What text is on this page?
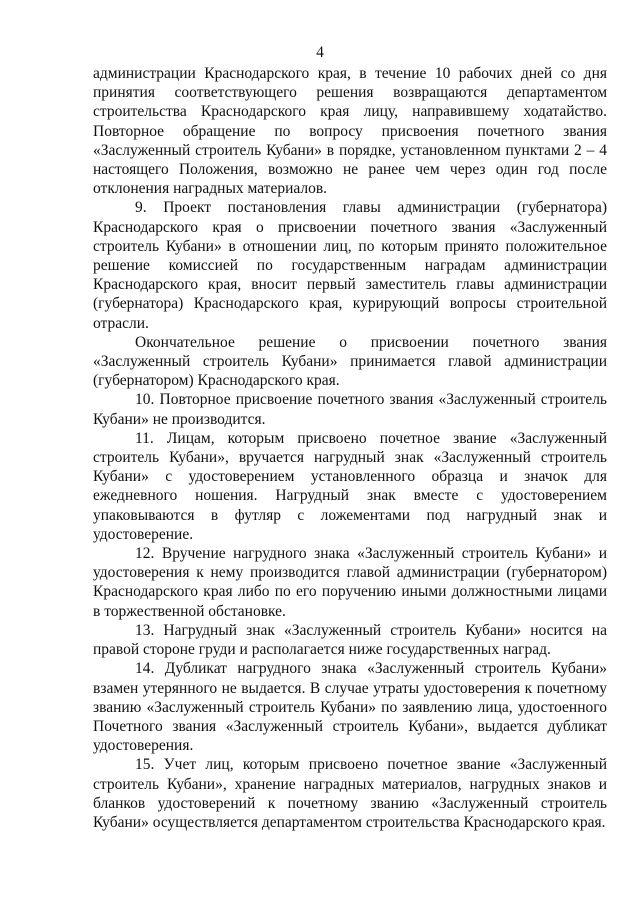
4

администрации Краснодарского края, в течение 10 рабочих дней со дня принятия соответствующего решения возвращаются департаментом строительства Краснодарского края лицу, направившему ходатайство. Повторное обращение по вопросу присвоения почетного звания «Заслуженный строитель Кубани» в порядке, установленном пунктами 2 – 4 настоящего Положения, возможно не ранее чем через один год после отклонения наградных материалов.

9. Проект постановления главы администрации (губернатора) Краснодарского края о присвоении почетного звания «Заслуженный строитель Кубани» в отношении лиц, по которым принято положительное решение комиссией по государственным наградам администрации Краснодарского края, вносит первый заместитель главы администрации (губернатора) Краснодарского края, курирующий вопросы строительной отрасли.

Окончательное решение о присвоении почетного звания «Заслуженный строитель Кубани» принимается главой администрации (губернатором) Краснодарского края.

10. Повторное присвоение почетного звания «Заслуженный строитель Кубани» не производится.

11. Лицам, которым присвоено почетное звание «Заслуженный строитель Кубани», вручается нагрудный знак «Заслуженный строитель Кубани» с удостоверением установленного образца и значок для ежедневного ношения. Нагрудный знак вместе с удостоверением упаковываются в футляр с ложементами под нагрудный знак и удостоверение.

12. Вручение нагрудного знака «Заслуженный строитель Кубани» и удостоверения к нему производится главой администрации (губернатором) Краснодарского края либо по его поручению иными должностными лицами в торжественной обстановке.

13. Нагрудный знак «Заслуженный строитель Кубани» носится на правой стороне груди и располагается ниже государственных наград.

14. Дубликат нагрудного знака «Заслуженный строитель Кубани» взамен утерянного не выдается. В случае утраты удостоверения к почетному званию «Заслуженный строитель Кубани» по заявлению лица, удостоенного Почетного звания «Заслуженный строитель Кубани», выдается дубликат удостоверения.

15. Учет лиц, которым присвоено почетное звание «Заслуженный строитель Кубани», хранение наградных материалов, нагрудных знаков и бланков удостоверений к почетному званию «Заслуженный строитель Кубани» осуществляется департаментом строительства Краснодарского края.
